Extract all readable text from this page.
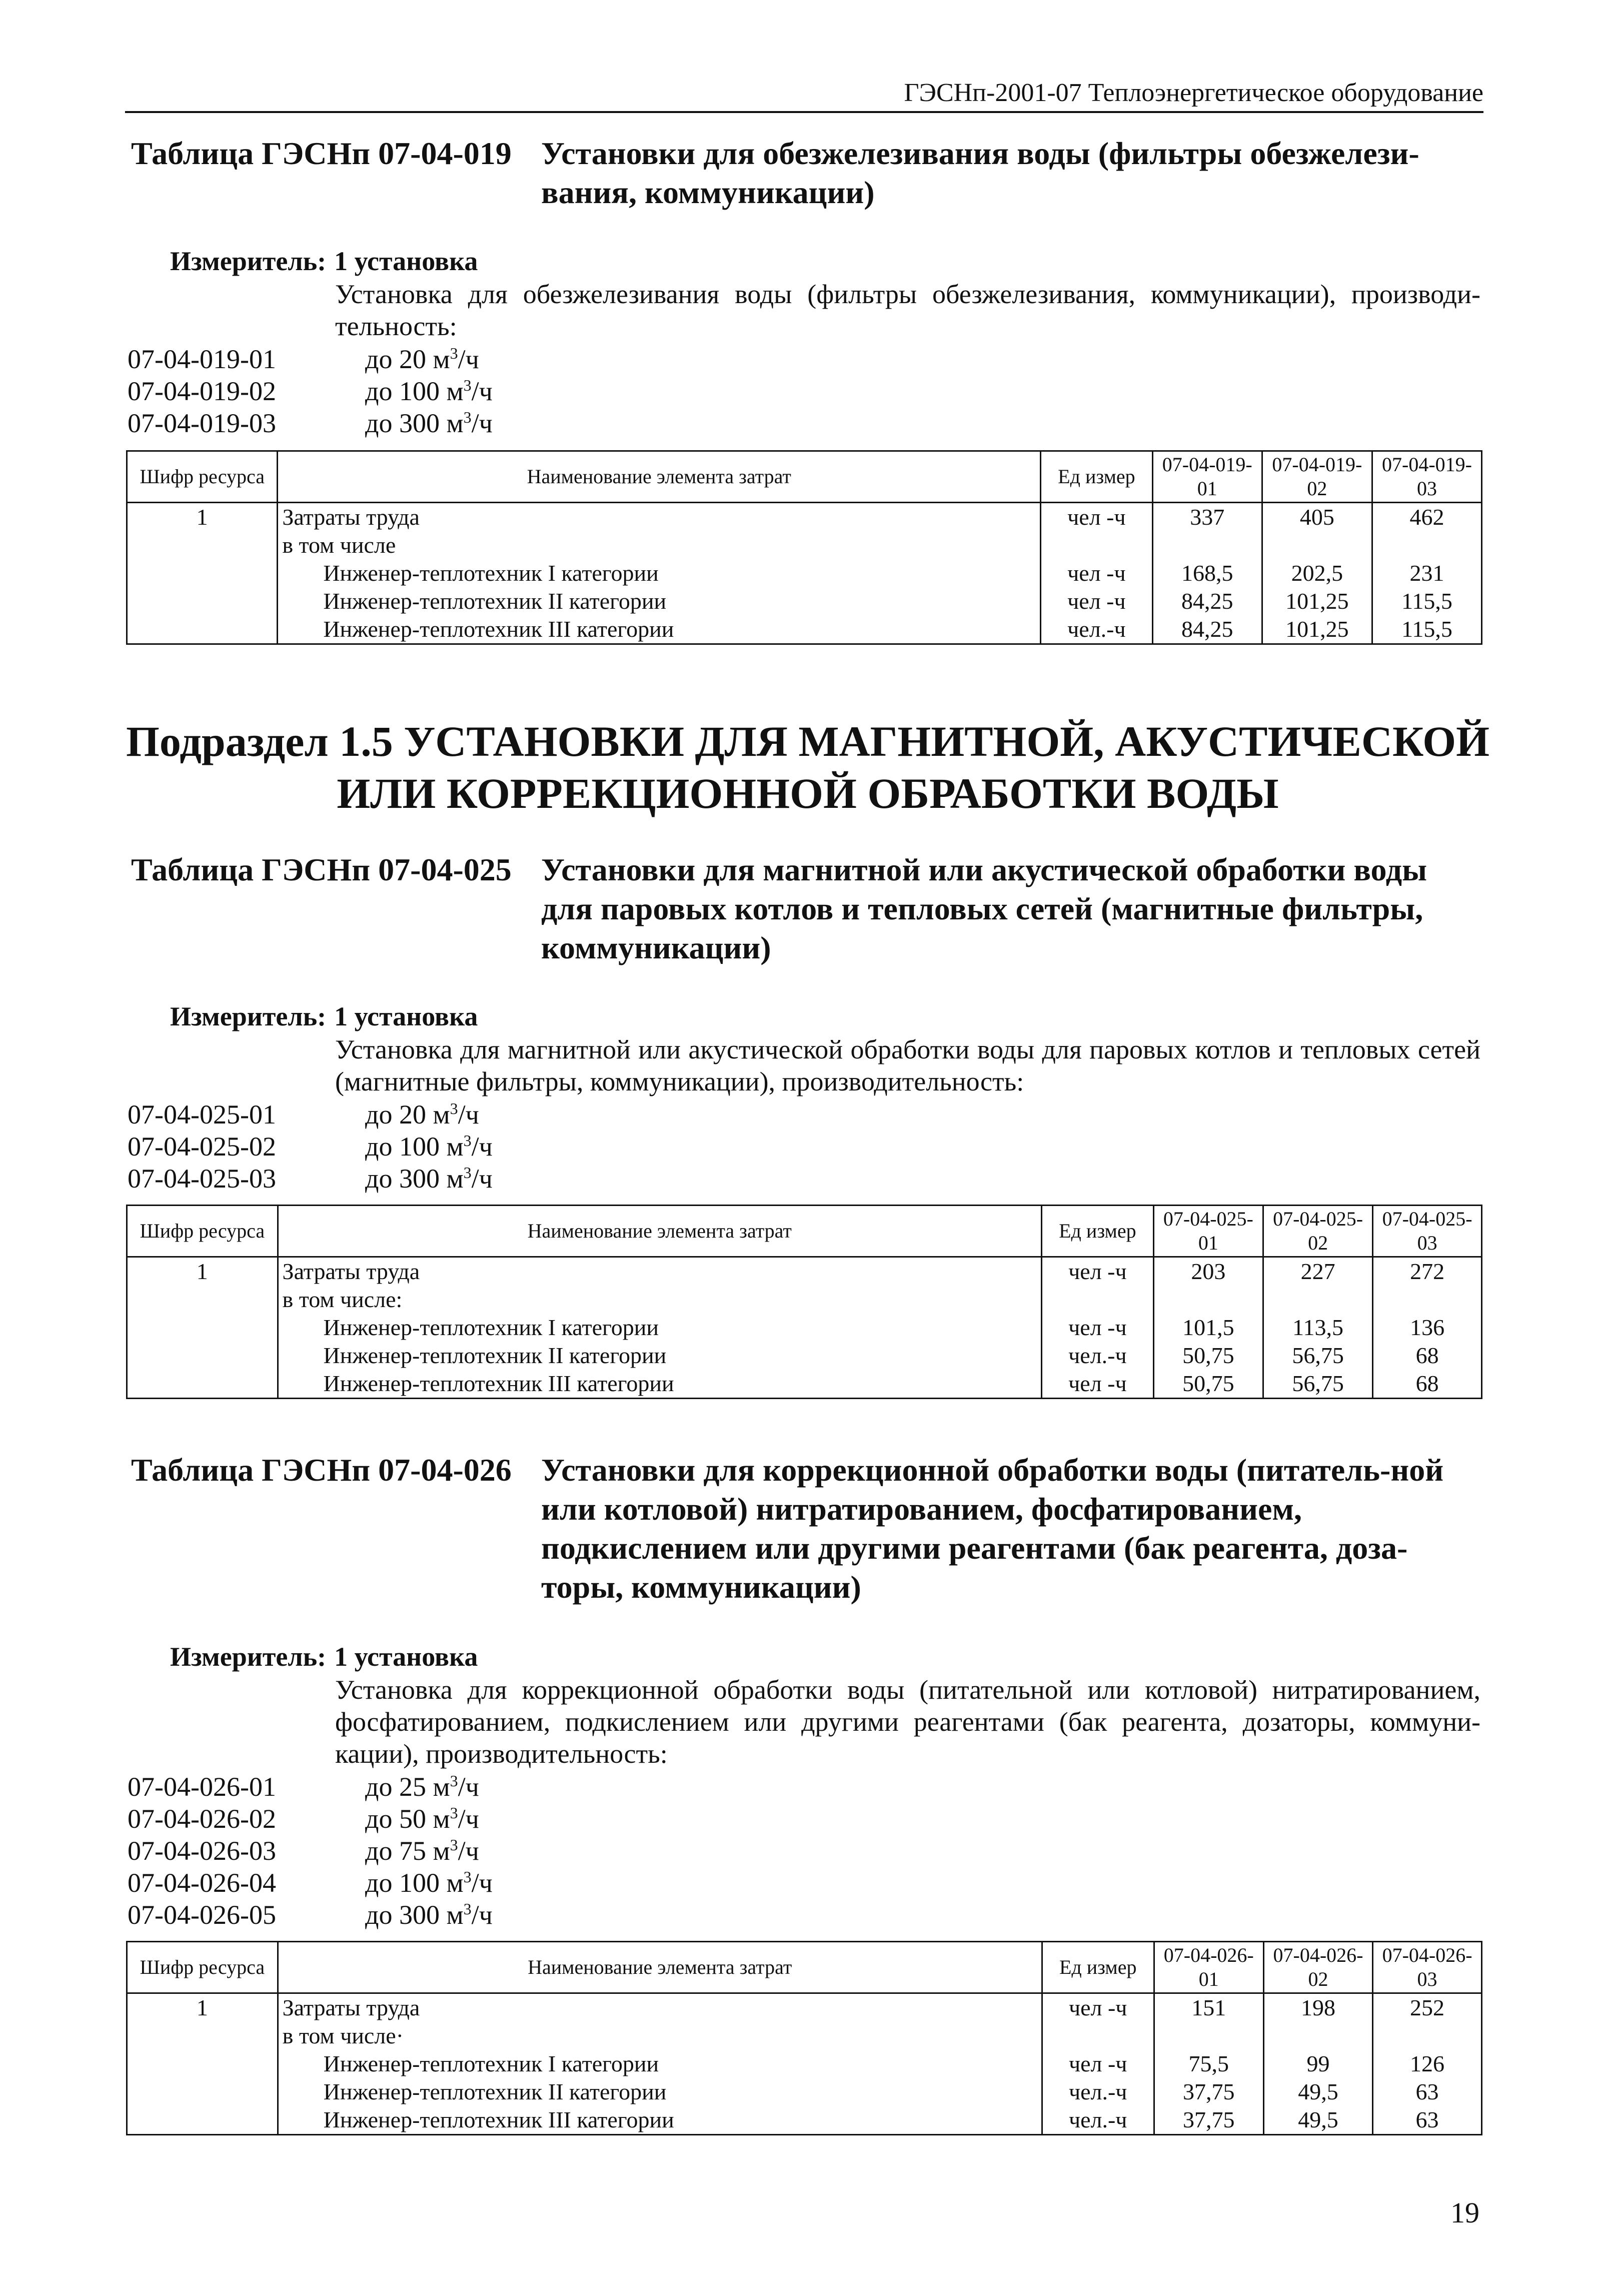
ГЭСНп-2001-07 Теплоэнергетическое оборудование
Таблица ГЭСНп 07-04-019 Установки для обезжелезивания воды (фильтры обезжелези-вания, коммуникации)
Измеритель: 1 установка
Установка для обезжелезивания воды (фильтры обезжелезивания, коммуникации), производи-тельность:
07-04-019-01	до 20 $м^3/ч$
07-04-019-02	до 100 $м^3/ч$
07-04-019-03	до 300 $м^3/ч$
Шифр ресурса	Наименование элемента затрат	Ед измер	07-04-019-01	07-04-019-02	07-04-019-03
1	Затраты труда	чел -ч	337	405	462
	в том числе				
	Инженер-теплотехник I категории	чел -ч	168,5	202,5	231
	Инженер-теплотехник II категории	чел -ч	84,25	101,25	115,5
	Инженер-теплотехник III категории	чел.-ч	84,25	101,25	115,5
Подраздел 1.5 УСТАНОВКИ ДЛЯ МАГНИТНОЙ, АКУСТИЧЕСКОЙ ИЛИ КОРРЕКЦИОННОЙ ОБРАБОТКИ ВОДЫ
Таблица ГЭСНп 07-04-025 Установки для магнитной или акустической обработки воды для паровых котлов и тепловых сетей (магнитные фильтры, коммуникации)
Измеритель: 1 установка
Установка для магнитной или акустической обработки воды для паровых котлов и тепловых сетей (магнитные фильтры, коммуникации), производительность:
07-04-025-01	до 20 $м^3/ч$
07-04-025-02	до 100 $м^3/ч$
07-04-025-03	до 300 $м^3/ч$
Шифр ресурса	Наименование элемента затрат	Ед измер	07-04-025-01	07-04-025-02	07-04-025-03
1	Затраты труда	чел -ч	203	227	272
	в том числе:				
	Инженер-теплотехник I категории	чел -ч	101,5	113,5	136
	Инженер-теплотехник II категории	чел.-ч	50,75	56,75	68
	Инженер-теплотехник III категории	чел -ч	50,75	56,75	68
Таблица ГЭСНп 07-04-026 Установки для коррекционной обработки воды (питатель-ной или котловой) нитратированием, фосфатированием, подкислением или другими реагентами (бак реагента, доза-торы, коммуникации)
Измеритель: 1 установка
Установка для коррекционной обработки воды (питательной или котловой) нитратированием, фосфатированием, подкислением или другими реагентами (бак реагента, дозаторы, коммуни-кации), производительность:
07-04-026-01	до 25 $м^3/ч$
07-04-026-02	до 50 $м^3/ч$
07-04-026-03	до 75 $м^3/ч$
07-04-026-04	до 100 $м^3/ч$
07-04-026-05	до 300 $м^3/ч$
Шифр ресурса	Наименование элемента затрат	Ед измер	07-04-026-01	07-04-026-02	07-04-026-03
1	Затраты труда	чел -ч	151	198	252
	в том числе·				
	Инженер-теплотехник I категории	чел -ч	75,5	99	126
	Инженер-теплотехник II категории	чел.-ч	37,75	49,5	63
	Инженер-теплотехник III категории	чел.-ч	37,75	49,5	63
19
